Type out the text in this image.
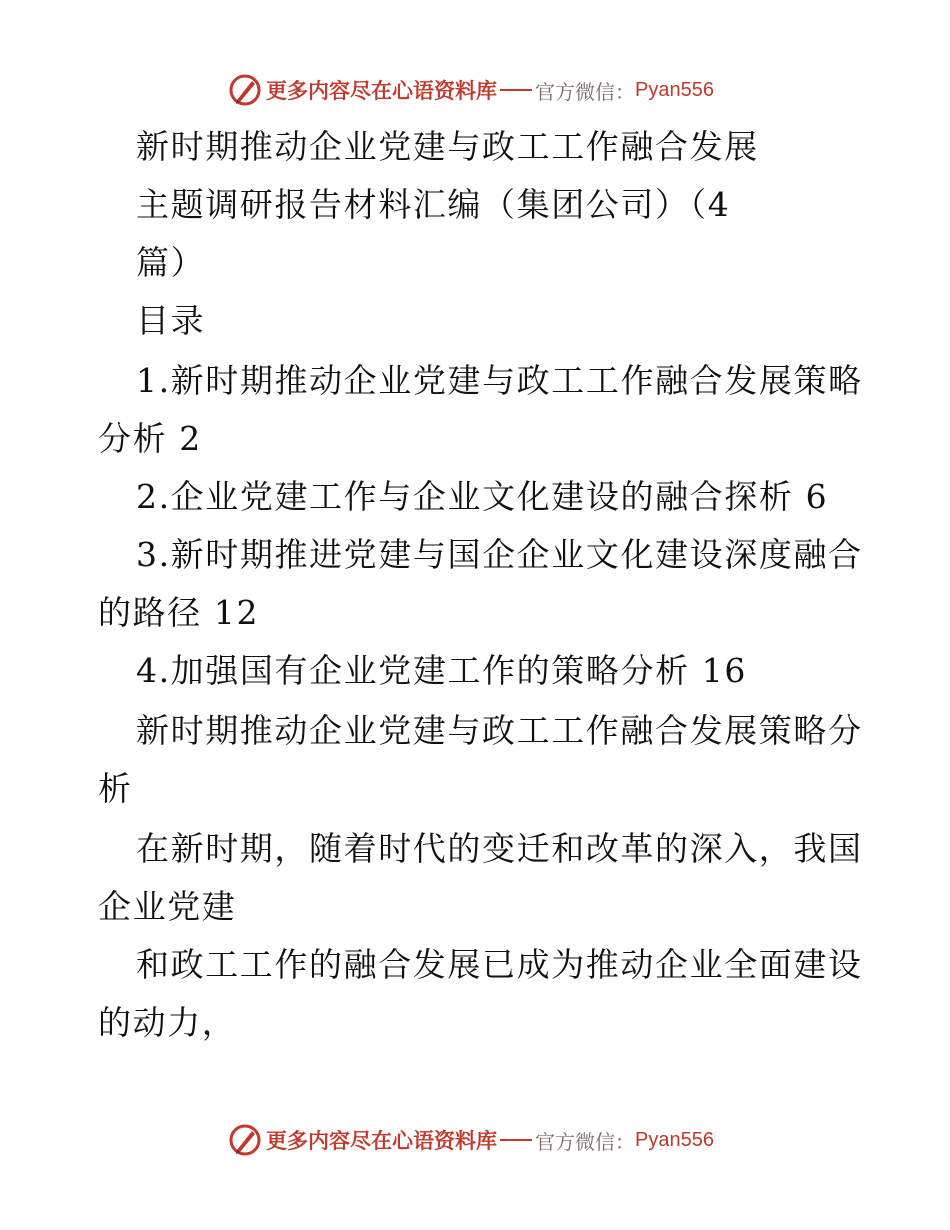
更多内容尽在心语资料库 官方微信： Pyan556
新时期推动企业党建与政工工作融合发展
主题调研报告材料汇编（集团公司）（4
篇）
目录
1.新时期推动企业党建与政工工作融合发展策略
分析 2
2.企业党建工作与企业文化建设的融合探析 6
3.新时期推进党建与国企企业文化建设深度融合
的路径 12
4.加强国有企业党建工作的策略分析 16
新时期推动企业党建与政工工作融合发展策略分
析
在新时期，随着时代的变迁和改革的深入，我国
企业党建
和政工工作的融合发展已成为推动企业全面建设
的动力，
更多内容尽在心语资料库 官方微信： Pyan556
